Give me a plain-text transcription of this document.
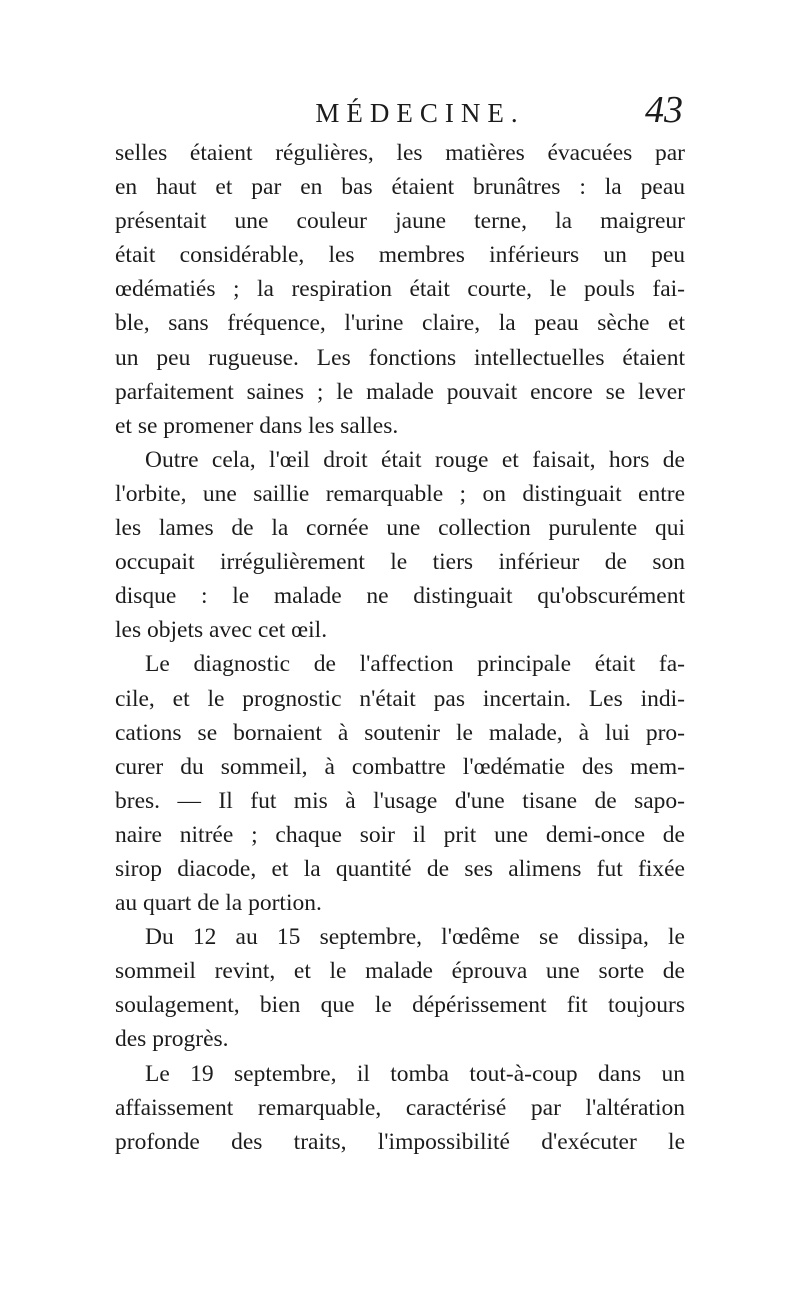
MÉDECINE.	43
selles étaient régulières, les matières évacuées par
en haut et par en bas étaient brunâtres : la peau
présentait une couleur jaune terne, la maigreur
était considérable, les membres inférieurs un peu
œdématiés ; la respiration était courte, le pouls fai-
ble, sans fréquence, l'urine claire, la peau sèche et
un peu rugueuse. Les fonctions intellectuelles étaient
parfaitement saines ; le malade pouvait encore se lever
et se promener dans les salles.
Outre cela, l'œil droit était rouge et faisait, hors de
l'orbite, une saillie remarquable ; on distinguait entre
les lames de la cornée une collection purulente qui
occupait irrégulièrement le tiers inférieur de son
disque : le malade ne distinguait qu'obscurément
les objets avec cet œil.
Le diagnostic de l'affection principale était fa-
cile, et le prognostic n'était pas incertain. Les indi-
cations se bornaient à soutenir le malade, à lui pro-
curer du sommeil, à combattre l'œdématie des mem-
bres. — Il fut mis à l'usage d'une tisane de sapo-
naire nitrée ; chaque soir il prit une demi-once de
sirop diacode, et la quantité de ses alimens fut fixée
au quart de la portion.
Du 12 au 15 septembre, l'œdême se dissipa, le
sommeil revint, et le malade éprouva une sorte de
soulagement, bien que le dépérissement fit toujours
des progrès.
Le 19 septembre, il tomba tout-à-coup dans un
affaissement remarquable, caractérisé par l'altération
profonde des traits, l'impossibilité d'exécuter le
